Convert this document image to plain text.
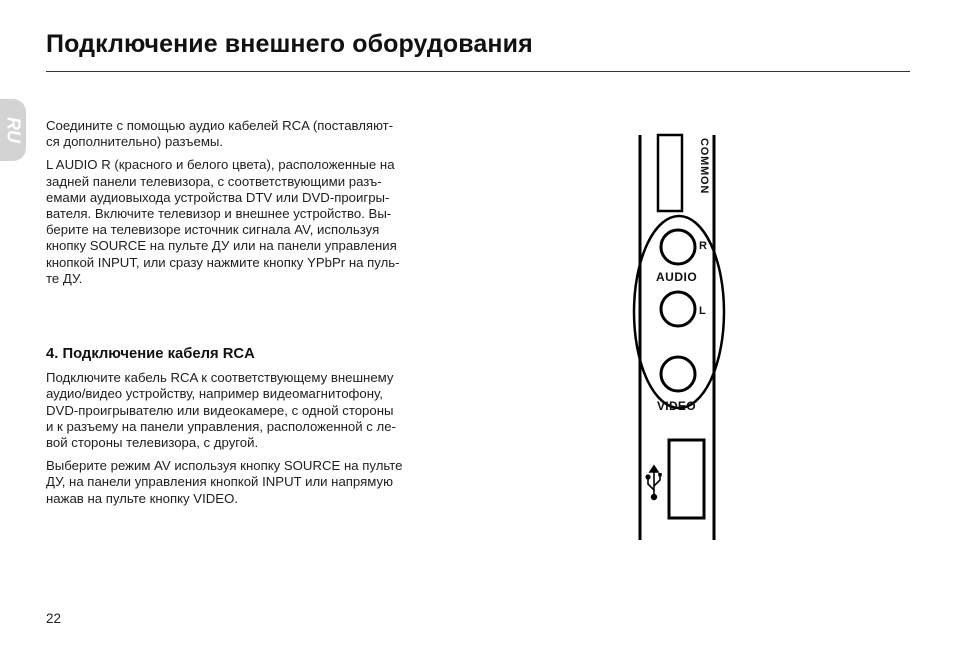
Подключение внешнего оборудования
RU Соедините с помощью аудио кабелей RCA (поставляют-
ся дополнительно) разъемы.

L AUDIO R (красного и белого цвета), расположенные на
задней панели телевизора, с соответствующими разъ-
емами аудиовыхода устройства DTV или DVD-проигры-
вателя. Включите телевизор и внешнее устройство. Вы-
берите на телевизоре источник сигнала AV, используя
кнопку SOURCE на пульте ДУ или на панели управления
кнопкой INPUT, или сразу нажмите кнопку YPbPr на пуль-
те ДУ.

4. Подключение кабеля RCA

Подключите кабель RCA к соответствующему внешнему
аудио/видео устройству, например видеомагнитофону,
DVD-проигрывателю или видеокамере, с одной стороны
и к разъему на панели управления, расположенной с ле-
вой стороны телевизора, с другой.

Выберите режим AV используя кнопку SOURCE на пульте
ДУ, на панели управления кнопкой INPUT или напрямую
нажав на пульте кнопку VIDEO.

COMMON
R
AUDIO
L
VIDEO
22
